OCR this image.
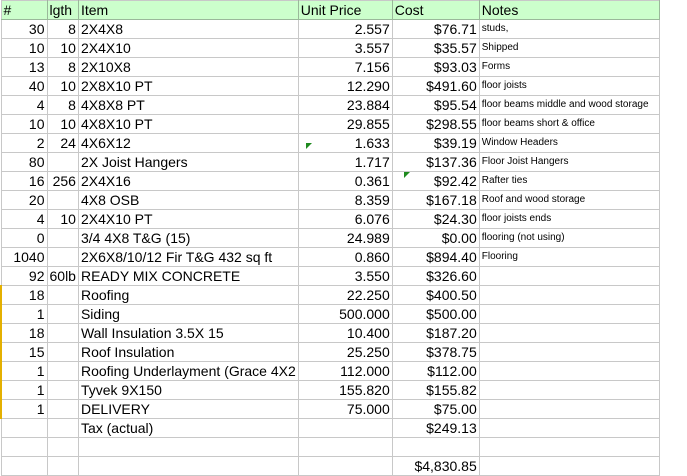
#	lgth	Item	Unit Price	Cost	Notes
30	8	2X4X8	2.557	$76.71	studs,
10	10	2X4X10	3.557	$35.57	Shipped
13	8	2X10X8	7.156	$93.03	Forms
40	10	2X8X10 PT	12.290	$491.60	floor joists
4	8	4X8X8 PT	23.884	$95.54	floor beams middle and wood storage
10	10	4X8X10 PT	29.855	$298.55	floor beams short & office
2	24	4X6X12	1.633	$39.19	Window Headers
80		2X Joist Hangers	1.717	$137.36	Floor Joist Hangers
16	256	2X4X16	0.361	$92.42	Rafter ties
20		4X8 OSB	8.359	$167.18	Roof and wood storage
4	10	2X4X10 PT	6.076	$24.30	floor joists ends
0		3/4 4X8 T&G (15)	24.989	$0.00	flooring (not using)
1040		2X6X8/10/12 Fir T&G 432 sq ft	0.860	$894.40	Flooring
92	60lb	READY MIX CONCRETE	3.550	$326.60	
18		Roofing	22.250	$400.50	
1		Siding	500.000	$500.00	
18		Wall Insulation 3.5X 15	10.400	$187.20	
15		Roof Insulation	25.250	$378.75	
1		Roofing Underlayment (Grace 4X2	112.000	$112.00	
1		Tyvek 9X150	155.820	$155.82	
1		DELIVERY	75.000	$75.00	
		Tax (actual)		$249.13	

				$4,830.85	
